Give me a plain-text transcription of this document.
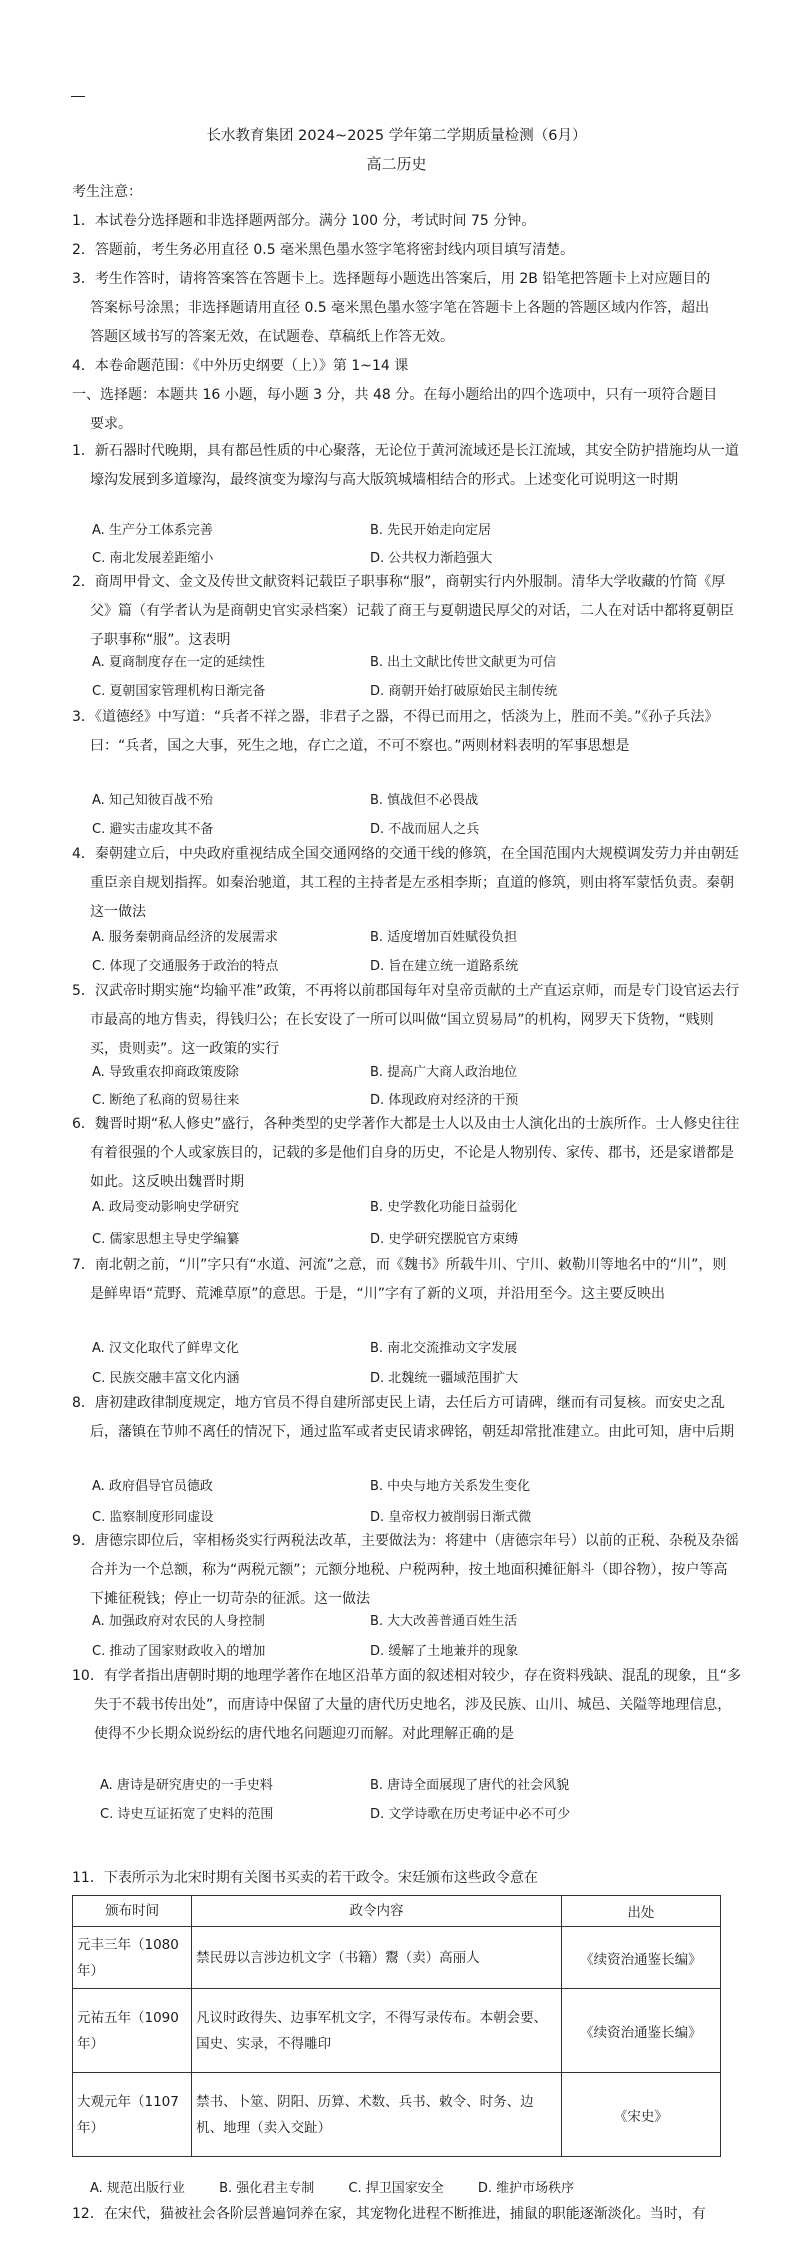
长水教育集团 2024~2025 学年第二学期质量检测（6月）
高二历史
考生注意：
1．本试卷分选择题和非选择题两部分。满分 100 分，考试时间 75 分钟。
2．答题前，考生务必用直径 0.5 毫米黑色墨水签字笔将密封线内项目填写清楚。
3．考生作答时，请将答案答在答题卡上。选择题每小题选出答案后，用 2B 铅笔把答题卡上对应题目的
答案标号涂黑；非选择题请用直径 0.5 毫米黑色墨水签字笔在答题卡上各题的答题区域内作答，超出
答题区域书写的答案无效，在试题卷、草稿纸上作答无效。
4．本卷命题范围：《中外历史纲要（上）》第 1~14 课
一、选择题：本题共 16 小题，每小题 3 分，共 48 分。在每小题给出的四个选项中，只有一项符合题目
要求。
1．新石器时代晚期，具有都邑性质的中心聚落，无论位于黄河流域还是长江流域，其安全防护措施均从一道壕沟发展到多道壕沟，最终演变为壕沟与高大版筑城墙相结合的形式。上述变化可说明这一时期
A. 生产分工体系完善	B. 先民开始走向定居
C. 南北发展差距缩小	D. 公共权力渐趋强大
2．商周甲骨文、金文及传世文献资料记载臣子职事称“服”，商朝实行内外服制。清华大学收藏的竹简《厚父》篇（有学者认为是商朝史官实录档案）记载了商王与夏朝遗民厚父的对话，二人在对话中都将夏朝臣子职事称“服”。这表明
A. 夏商制度存在一定的延续性	B. 出土文献比传世文献更为可信
C. 夏朝国家管理机构日渐完备	D. 商朝开始打破原始民主制传统
3．《道德经》中写道：“兵者不祥之器，非君子之器，不得已而用之，恬淡为上，胜而不美。”《孙子兵法》曰：“兵者，国之大事，死生之地，存亡之道，不可不察也。”两则材料表明的军事思想是
A. 知己知彼百战不殆	B. 慎战但不必畏战
C. 避实击虚攻其不备	D. 不战而屈人之兵
4．秦朝建立后，中央政府重视结成全国交通网络的交通干线的修筑，在全国范围内大规模调发劳力并由朝廷重臣亲自规划指挥。如秦治驰道，其工程的主持者是左丞相李斯；直道的修筑，则由将军蒙恬负责。秦朝这一做法
A. 服务秦朝商品经济的发展需求	B. 适度增加百姓赋役负担
C. 体现了交通服务于政治的特点	D. 旨在建立统一道路系统
5．汉武帝时期实施“均输平准”政策，不再将以前郡国每年对皇帝贡献的土产直运京师，而是专门设官运去行市最高的地方售卖，得钱归公；在长安设了一所可以叫做“国立贸易局”的机构，网罗天下货物，“贱则买，贵则卖”。这一政策的实行
A. 导致重农抑商政策废除	B. 提高广大商人政治地位
C. 断绝了私商的贸易往来	D. 体现政府对经济的干预
6．魏晋时期“私人修史”盛行，各种类型的史学著作大都是士人以及由士人演化出的士族所作。士人修史往往有着很强的个人或家族目的，记载的多是他们自身的历史，不论是人物别传、家传、郡书，还是家谱都是如此。这反映出魏晋时期
A. 政局变动影响史学研究	B. 史学教化功能日益弱化
C. 儒家思想主导史学编纂	D. 史学研究摆脱官方束缚
7．南北朝之前，“川”字只有“水道、河流”之意，而《魏书》所载牛川、宁川、敕勒川等地名中的“川”，则是鲜卑语“荒野、荒滩草原”的意思。于是，“川”字有了新的义项，并沿用至今。这主要反映出
A. 汉文化取代了鲜卑文化	B. 南北交流推动文字发展
C. 民族交融丰富文化内涵	D. 北魏统一疆域范围扩大
8．唐初建政律制度规定，地方官员不得自建所部吏民上请，去任后方可请碑，继而有司复核。而安史之乱后，藩镇在节帅不离任的情况下，通过监军或者吏民请求碑铭，朝廷却常批准建立。由此可知，唐中后期
A. 政府倡导官员德政	B. 中央与地方关系发生变化
C. 监察制度形同虚设	D. 皇帝权力被削弱日渐式微
9．唐德宗即位后，宰相杨炎实行两税法改革，主要做法为：将建中（唐德宗年号）以前的正税、杂税及杂徭合并为一个总额，称为“两税元额”；元额分地税、户税两种，按土地面积摊征斛斗（即谷物），按户等高下摊征税钱；停止一切苛杂的征派。这一做法
A. 加强政府对农民的人身控制	B. 大大改善普通百姓生活
C. 推动了国家财政收入的增加	D. 缓解了土地兼并的现象
10．有学者指出唐朝时期的地理学著作在地区沿革方面的叙述相对较少，存在资料残缺、混乱的现象，且“多失于不载书传出处”，而唐诗中保留了大量的唐代历史地名，涉及民族、山川、城邑、关隘等地理信息，使得不少长期众说纷纭的唐代地名问题迎刃而解。对此理解正确的是
A. 唐诗是研究唐史的一手史料	B. 唐诗全面展现了唐代的社会风貌
C. 诗史互证拓宽了史料的范围	D. 文学诗歌在历史考证中必不可少
11．下表所示为北宋时期有关图书买卖的若干政令。宋廷颁布这些政令意在
颁布时间	政令内容	出处
元丰三年（1080 年）	禁民毋以言涉边机文字（书籍）鬻（卖）高丽人	《续资治通鉴长编》
元祐五年（1090 年）	凡议时政得失、边事军机文字，不得写录传布。本朝会要、国史、实录，不得雕印	《续资治通鉴长编》
大观元年（1107 年）	禁书、卜筮、阴阳、历算、术数、兵书、敕令、时务、边机、地理（卖入交趾）	《宋史》
A. 规范出版行业	B. 强化君主专制	C. 捍卫国家安全	D. 维护市场秩序
12．在宋代，猫被社会各阶层普遍饲养在家，其宠物化进程不断推进，捕鼠的职能逐渐淡化。当时，有
